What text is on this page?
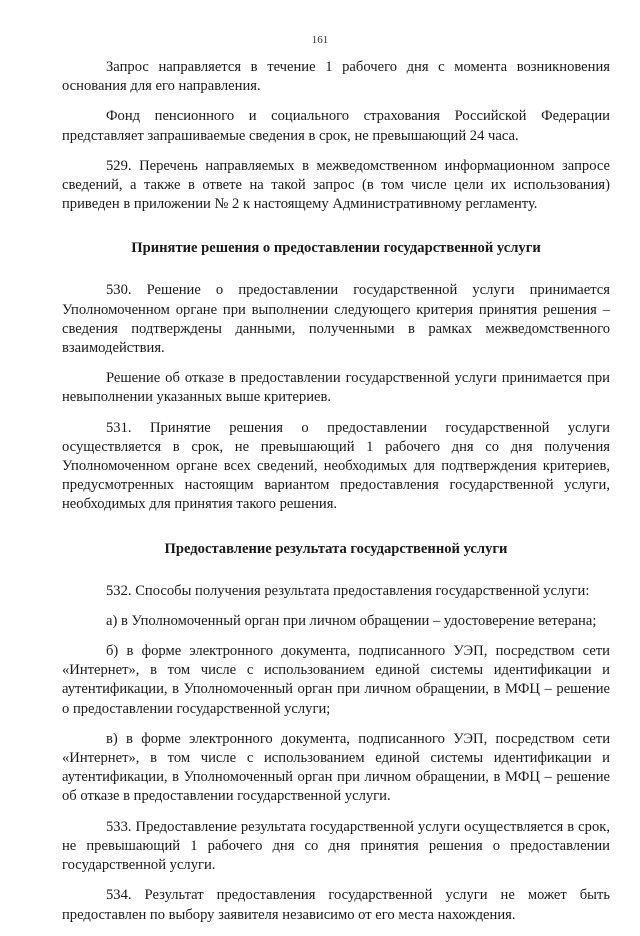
161

Запрос направляется в течение 1 рабочего дня с момента возникновения основания для его направления.

Фонд пенсионного и социального страхования Российской Федерации представляет запрашиваемые сведения в срок, не превышающий 24 часа.

529. Перечень направляемых в межведомственном информационном запросе сведений, а также в ответе на такой запрос (в том числе цели их использования) приведен в приложении № 2 к настоящему Административному регламенту.

Принятие решения о предоставлении государственной услуги

530. Решение о предоставлении государственной услуги принимается Уполномоченном органе при выполнении следующего критерия принятия решения – сведения подтверждены данными, полученными в рамках межведомственного взаимодействия.

Решение об отказе в предоставлении государственной услуги принимается при невыполнении указанных выше критериев.

531. Принятие решения о предоставлении государственной услуги осуществляется в срок, не превышающий 1 рабочего дня со дня получения Уполномоченном органе всех сведений, необходимых для подтверждения критериев, предусмотренных настоящим вариантом предоставления государственной услуги, необходимых для принятия такого решения.

Предоставление результата государственной услуги

532. Способы получения результата предоставления государственной услуги:

а) в Уполномоченный орган при личном обращении – удостоверение ветерана;

б) в форме электронного документа, подписанного УЭП, посредством сети «Интернет», в том числе с использованием единой системы идентификации и аутентификации, в Уполномоченный орган при личном обращении, в МФЦ – решение о предоставлении государственной услуги;

в) в форме электронного документа, подписанного УЭП, посредством сети «Интернет», в том числе с использованием единой системы идентификации и аутентификации, в Уполномоченный орган при личном обращении, в МФЦ – решение об отказе в предоставлении государственной услуги.

533. Предоставление результата государственной услуги осуществляется в срок, не превышающий 1 рабочего дня со дня принятия решения о предоставлении государственной услуги.

534. Результат предоставления государственной услуги не может быть предоставлен по выбору заявителя независимо от его места нахождения.
